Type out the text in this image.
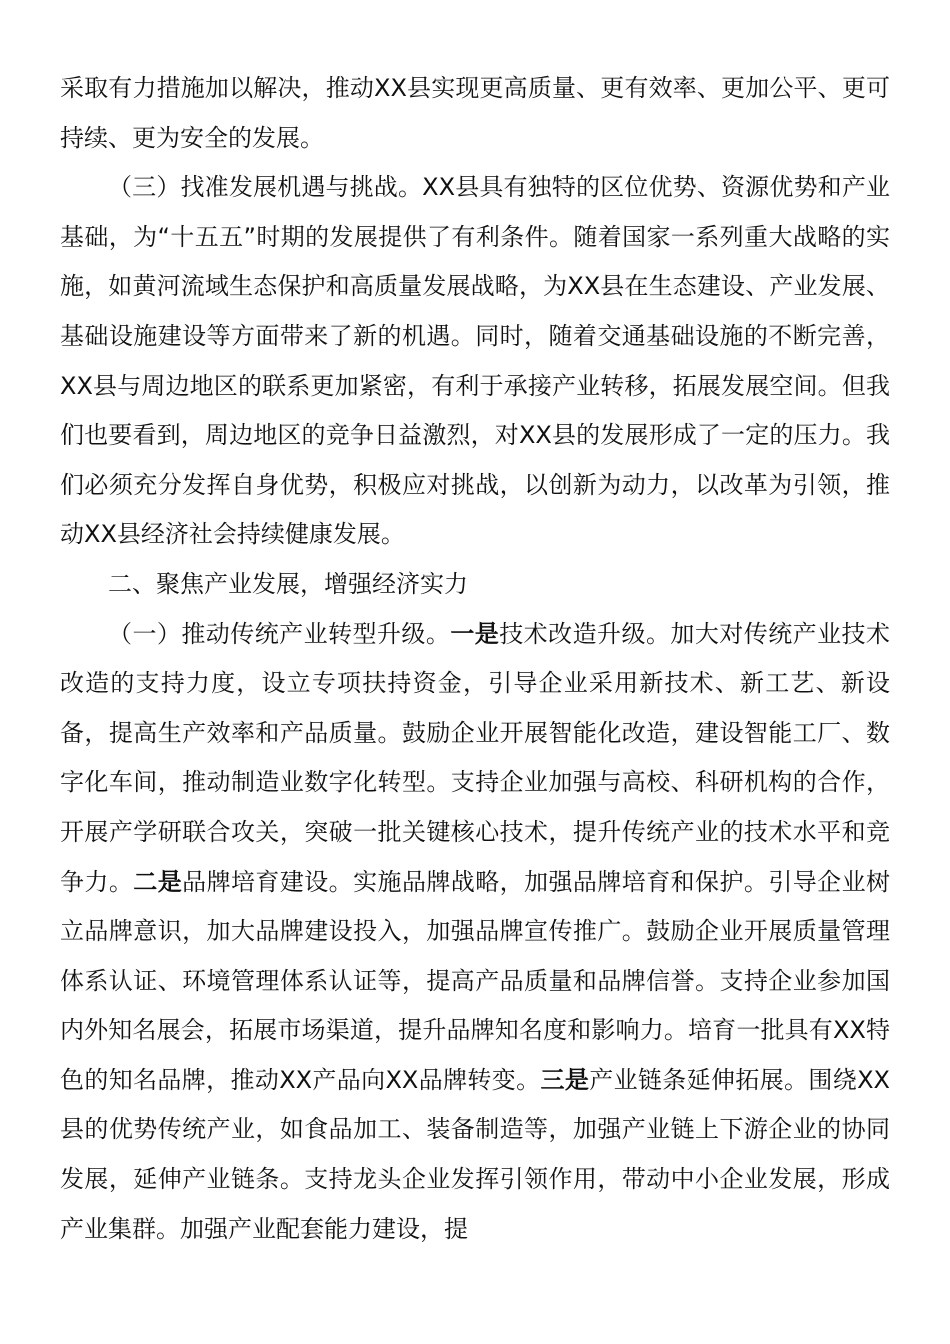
采取有力措施加以解决，推动XX县实现更高质量、更有效率、更加公平、更可持续、更为安全的发展。

（三）找准发展机遇与挑战。XX县具有独特的区位优势、资源优势和产业基础，为“十五五”时期的发展提供了有利条件。随着国家一系列重大战略的实施，如黄河流域生态保护和高质量发展战略，为XX县在生态建设、产业发展、基础设施建设等方面带来了新的机遇。同时，随着交通基础设施的不断完善，XX县与周边地区的联系更加紧密，有利于承接产业转移，拓展发展空间。但我们也要看到，周边地区的竞争日益激烈，对XX县的发展形成了一定的压力。我们必须充分发挥自身优势，积极应对挑战，以创新为动力，以改革为引领，推动XX县经济社会持续健康发展。

二、聚焦产业发展，增强经济实力

（一）推动传统产业转型升级。一是技术改造升级。加大对传统产业技术改造的支持力度，设立专项扶持资金，引导企业采用新技术、新工艺、新设备，提高生产效率和产品质量。鼓励企业开展智能化改造，建设智能工厂、数字化车间，推动制造业数字化转型。支持企业加强与高校、科研机构的合作，开展产学研联合攻关，突破一批关键核心技术，提升传统产业的技术水平和竞争力。二是品牌培育建设。实施品牌战略，加强品牌培育和保护。引导企业树立品牌意识，加大品牌建设投入，加强品牌宣传推广。鼓励企业开展质量管理体系认证、环境管理体系认证等，提高产品质量和品牌信誉。支持企业参加国内外知名展会，拓展市场渠道，提升品牌知名度和影响力。培育一批具有XX特色的知名品牌，推动XX产品向XX品牌转变。三是产业链条延伸拓展。围绕XX县的优势传统产业，如食品加工、装备制造等，加强产业链上下游企业的协同发展，延伸产业链条。支持龙头企业发挥引领作用，带动中小企业发展，形成产业集群。加强产业配套能力建设，提
